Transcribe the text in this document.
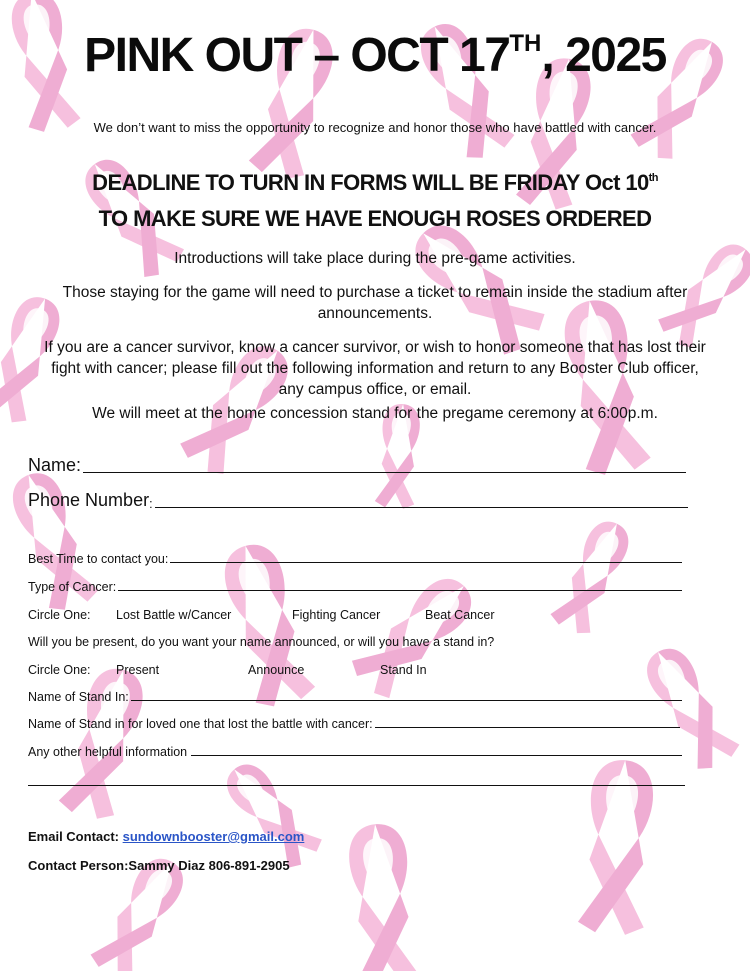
PINK OUT – OCT 17TH, 2025
We don’t want to miss the opportunity to recognize and honor those who have battled with cancer.
DEADLINE TO TURN IN FORMS WILL BE FRIDAY Oct 10th
TO MAKE SURE WE HAVE ENOUGH ROSES ORDERED
Introductions will take place during the pre-game activities.
Those staying for the game will need to purchase a ticket to remain inside the stadium after
announcements.
If you are a cancer survivor, know a cancer survivor, or wish to honor someone that has lost their
fight with cancer; please fill out the following information and return to any Booster Club officer,
any campus office, or email.
We will meet at the home concession stand for the pregame ceremony at 6:00p.m.
Name:
Phone Number :
Best Time to contact you:
Type of Cancer:
Circle One: Lost Battle w/Cancer	Fighting Cancer	Beat Cancer
Will you be present, do you want your name announced, or will you have a stand in?
Circle One: Present	Announce	Stand In
Name of Stand In:
Name of Stand in for loved one that lost the battle with cancer:
Any other helpful information
Email Contact: sundownbooster@gmail.com
Contact Person:Sammy Diaz 806-891-2905
